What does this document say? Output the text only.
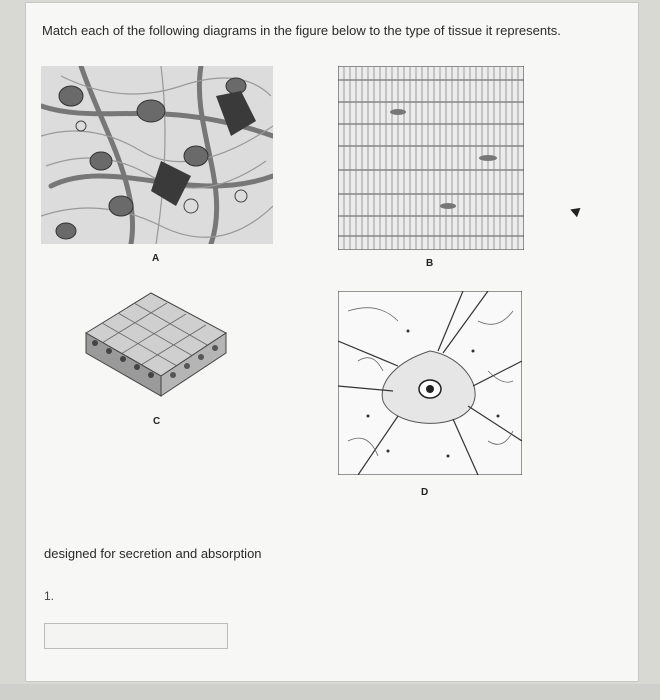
Match each of the following diagrams in the figure below to the type of tissue it represents.
A	B
C
D
designed for secretion and absorption
1.
